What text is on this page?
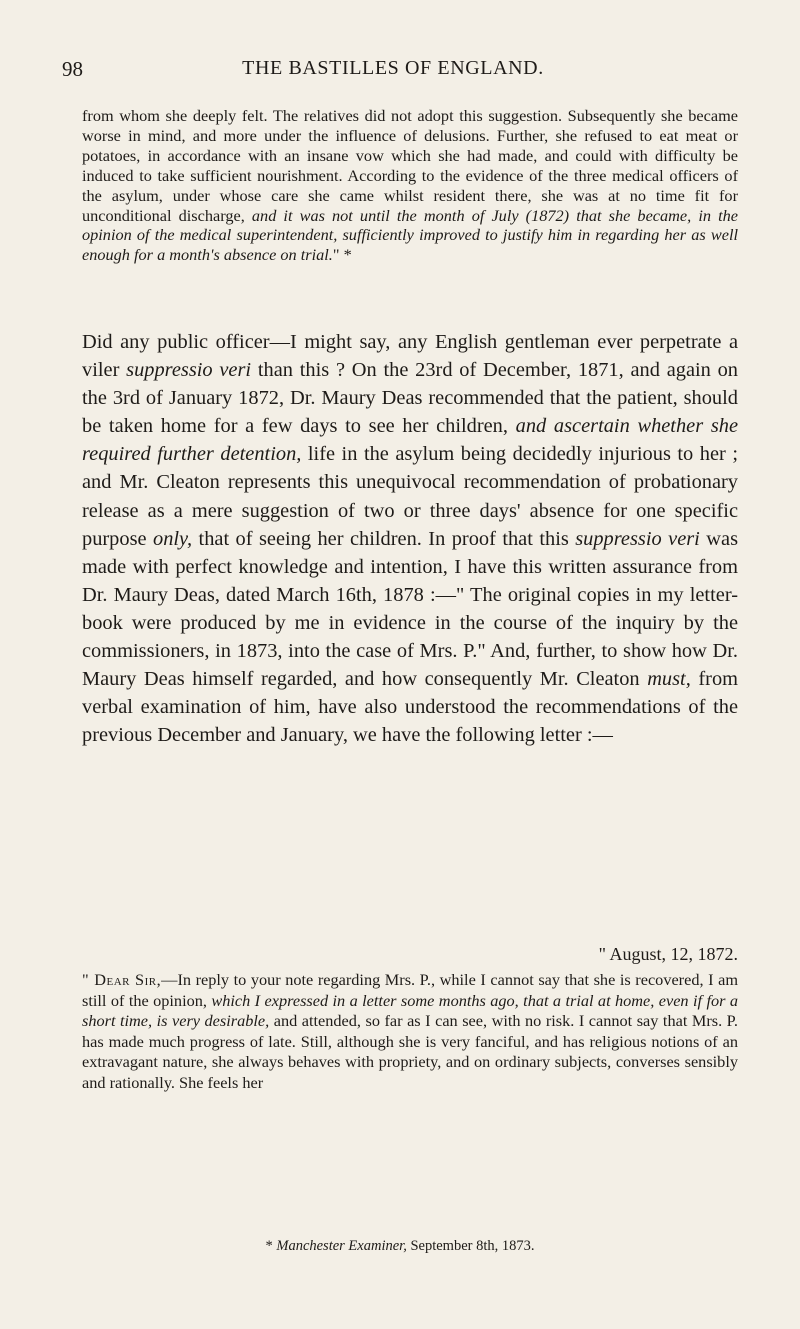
98	THE BASTILLES OF ENGLAND.

from whom she deeply felt. The relatives did not adopt this suggestion. Subsequently she became worse in mind, and more under the influence of delusions. Further, she refused to eat meat or potatoes, in accordance with an insane vow which she had made, and could with difficulty be induced to take sufficient nourishment. According to the evidence of the three medical officers of the asylum, under whose care she came whilst resident there, she was at no time fit for unconditional discharge, and it was not until the month of July (1872) that she became, in the opinion of the medical superintendent, sufficiently improved to justify him in regarding her as well enough for a month's absence on trial." *

Did any public officer—I might say, any English gentleman ever perpetrate a viler suppressio veri than this ? On the 23rd of December, 1871, and again on the 3rd of January 1872, Dr. Maury Deas recommended that the patient, should be taken home for a few days to see her children, and ascertain whether she required further detention, life in the asylum being decidedly injurious to her ; and Mr. Cleaton represents this unequivocal recommendation of probationary release as a mere suggestion of two or three days' absence for one specific purpose only, that of seeing her children. In proof that this suppressio veri was made with perfect knowledge and intention, I have this written assurance from Dr. Maury Deas, dated March 16th, 1878 :—" The original copies in my letter-book were produced by me in evidence in the course of the inquiry by the commissioners, in 1873, into the case of Mrs. P." And, further, to show how Dr. Maury Deas himself regarded, and how consequently Mr. Cleaton must, from verbal examination of him, have also understood the recommendations of the previous December and January, we have the following letter :—

" August, 12, 1872.

" Dear Sir,—In reply to your note regarding Mrs. P., while I cannot say that she is recovered, I am still of the opinion, which I expressed in a letter some months ago, that a trial at home, even if for a short time, is very desirable, and attended, so far as I can see, with no risk. I cannot say that Mrs. P. has made much progress of late. Still, although she is very fanciful, and has religious notions of an extravagant nature, she always behaves with propriety, and on ordinary subjects, converses sensibly and rationally. She feels her

* Manchester Examiner, September 8th, 1873.
